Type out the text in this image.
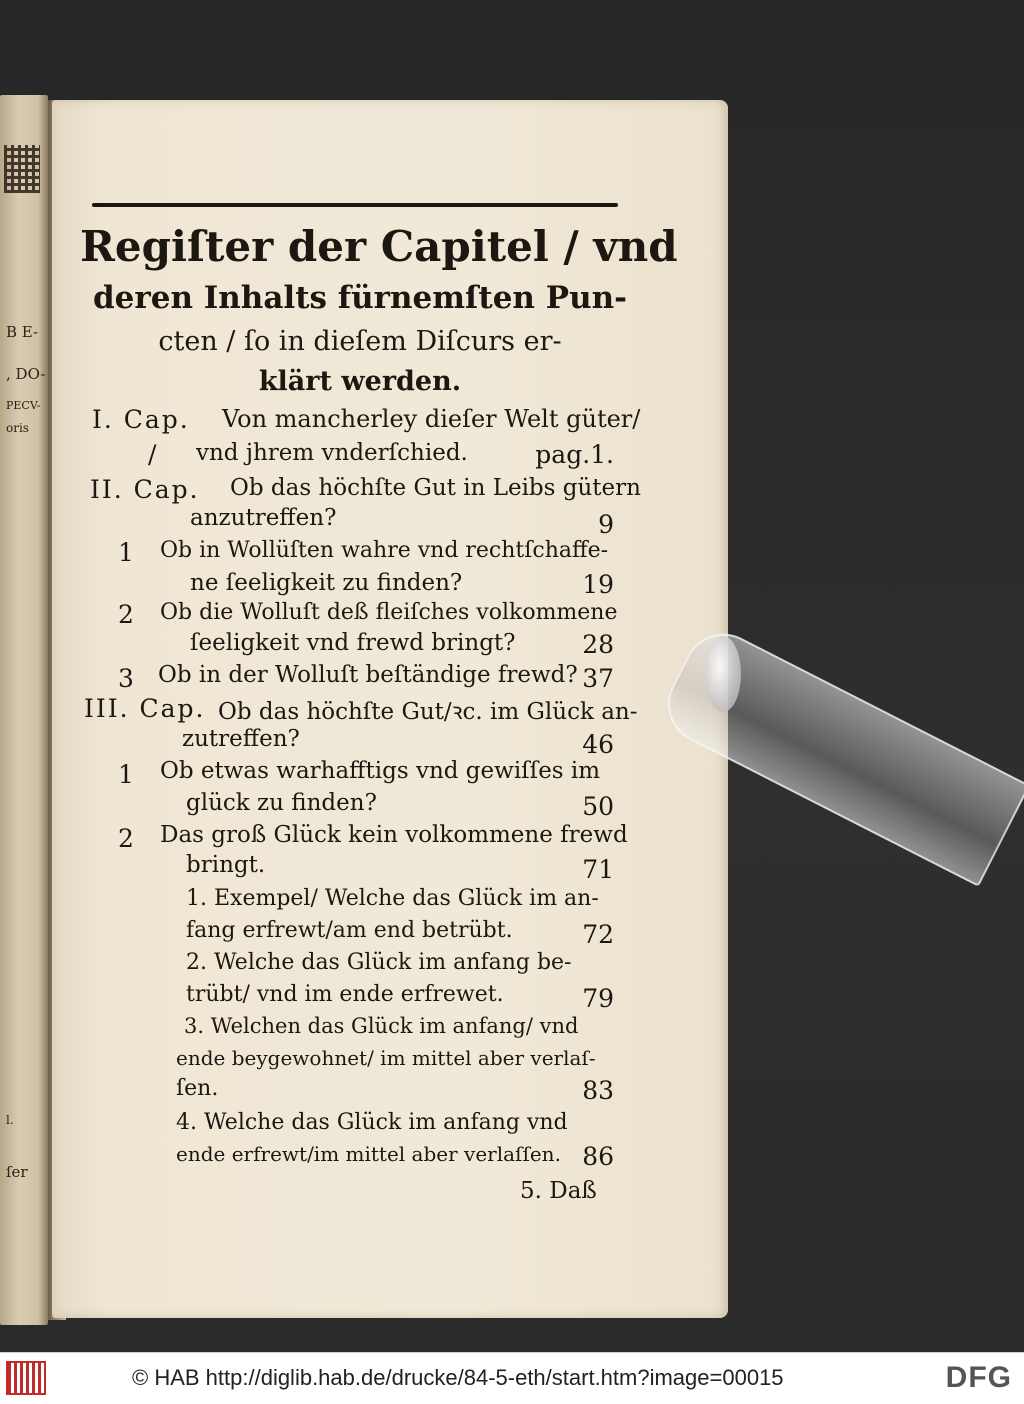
B E-
, DO-
PECV-
oris
l.
ſer
Regiſter der Capitel / vnd
deren Inhalts fürnemſten Pun-
cten / ſo in dieſem Diſcurs er-
klärt werden.
I. Cap. Von mancherley dieſer Welt güter/
/ vnd jhrem vnderſchied.	pag.1.
II. Cap. Ob das höchſte Gut in Leibs gütern
anzutreffen?	9
1 Ob in Wollüſten wahre vnd rechtſchaffe-
ne ſeeligkeit zu finden?	19
2 Ob die Wolluſt deß fleiſches volkommene
ſeeligkeit vnd frewd bringt?	28
3 Ob in der Wolluſt beſtändige frewd? 37
III. Cap. Ob das höchſte Gut/ꝛc. im Glück an-
zutreffen?	46
1 Ob etwas warhafftigs vnd gewiſſes im
glück zu finden?	50
2 Das groß Glück kein volkommene frewd
bringt.	71
1. Exempel/ Welche das Glück im an-
fang erfrewt/am end betrübt.	72
2. Welche das Glück im anfang be-
trübt/ vnd im ende erfrewet.	79
3. Welchen das Glück im anfang/ vnd
ende beygewohnet/ im mittel aber verlaſ-
ſen.	83
4. Welche das Glück im anfang vnd
ende erfrewt/im mittel aber verlaſſen. 86
5. Daß
© HAB http://diglib.hab.de/drucke/84-5-eth/start.htm?image=00015	DFG
